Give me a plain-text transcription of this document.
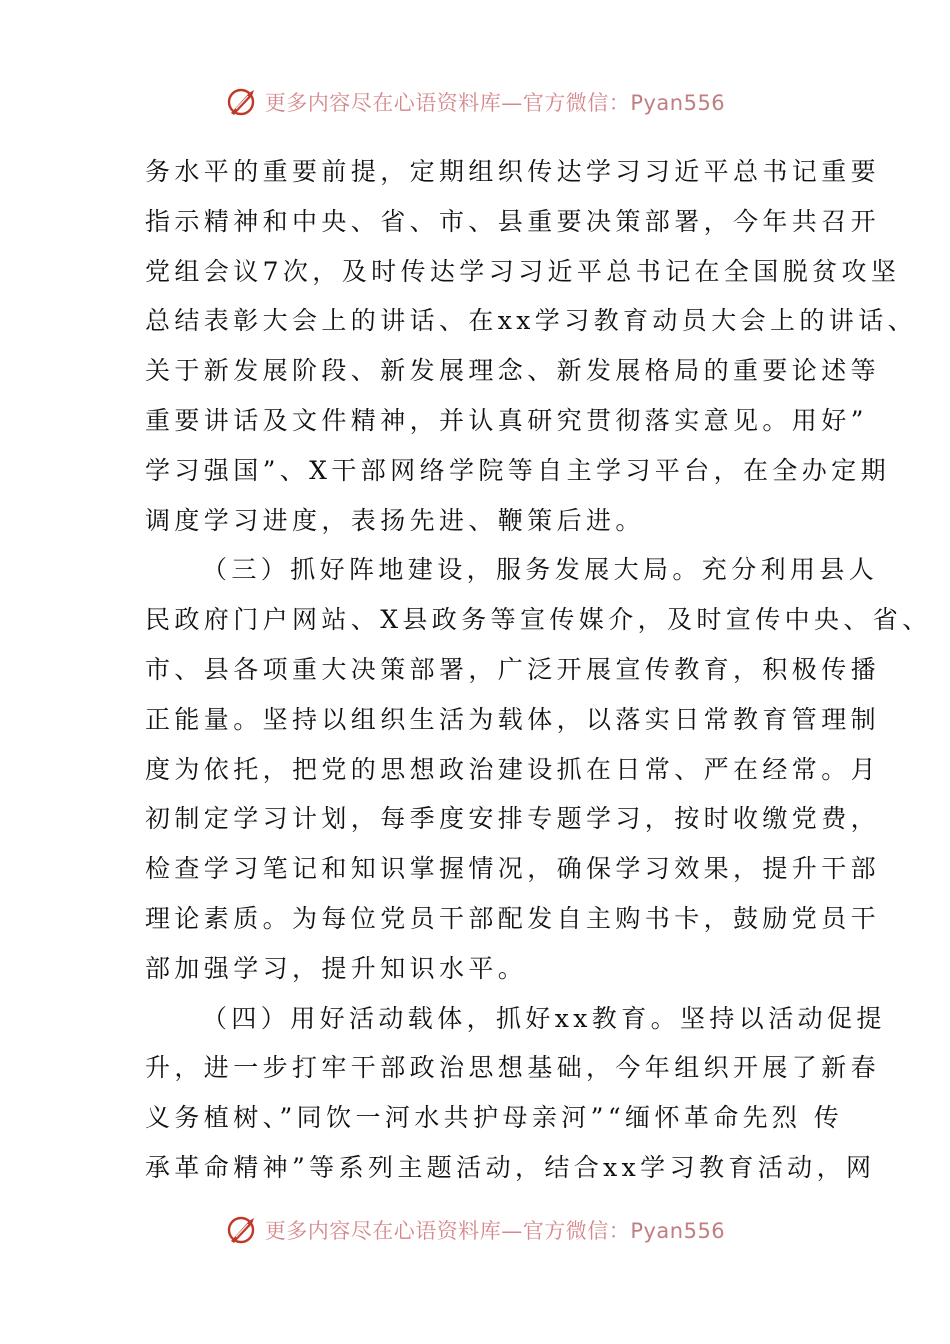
更多内容尽在心语资料库—官方微信：Pyan556
务水平的重要前提，定期组织传达学习习近平总书记重要
指示精神和中央、省、市、县重要决策部署，今年共召开
党组会议7次，及时传达学习习近平总书记在全国脱贫攻坚
总结表彰大会上的讲话、在xx学习教育动员大会上的讲话、
关于新发展阶段、新发展理念、新发展格局的重要论述等
重要讲话及文件精神，并认真研究贯彻落实意见。用好”
学习强国”、X干部网络学院等自主学习平台，在全办定期
调度学习进度，表扬先进、鞭策后进。
（三）抓好阵地建设，服务发展大局。充分利用县人
民政府门户网站、X县政务等宣传媒介，及时宣传中央、省、
市、县各项重大决策部署，广泛开展宣传教育，积极传播
正能量。坚持以组织生活为载体，以落实日常教育管理制
度为依托，把党的思想政治建设抓在日常、严在经常。月
初制定学习计划，每季度安排专题学习，按时收缴党费，
检查学习笔记和知识掌握情况，确保学习效果，提升干部
理论素质。为每位党员干部配发自主购书卡，鼓励党员干
部加强学习，提升知识水平。
（四）用好活动载体，抓好xx教育。坚持以活动促提
升，进一步打牢干部政治思想基础，今年组织开展了新春
义务植树、”同饮一河水共护母亲河”“缅怀革命先烈 传
承革命精神”等系列主题活动，结合xx学习教育活动，网
更多内容尽在心语资料库—官方微信：Pyan556
